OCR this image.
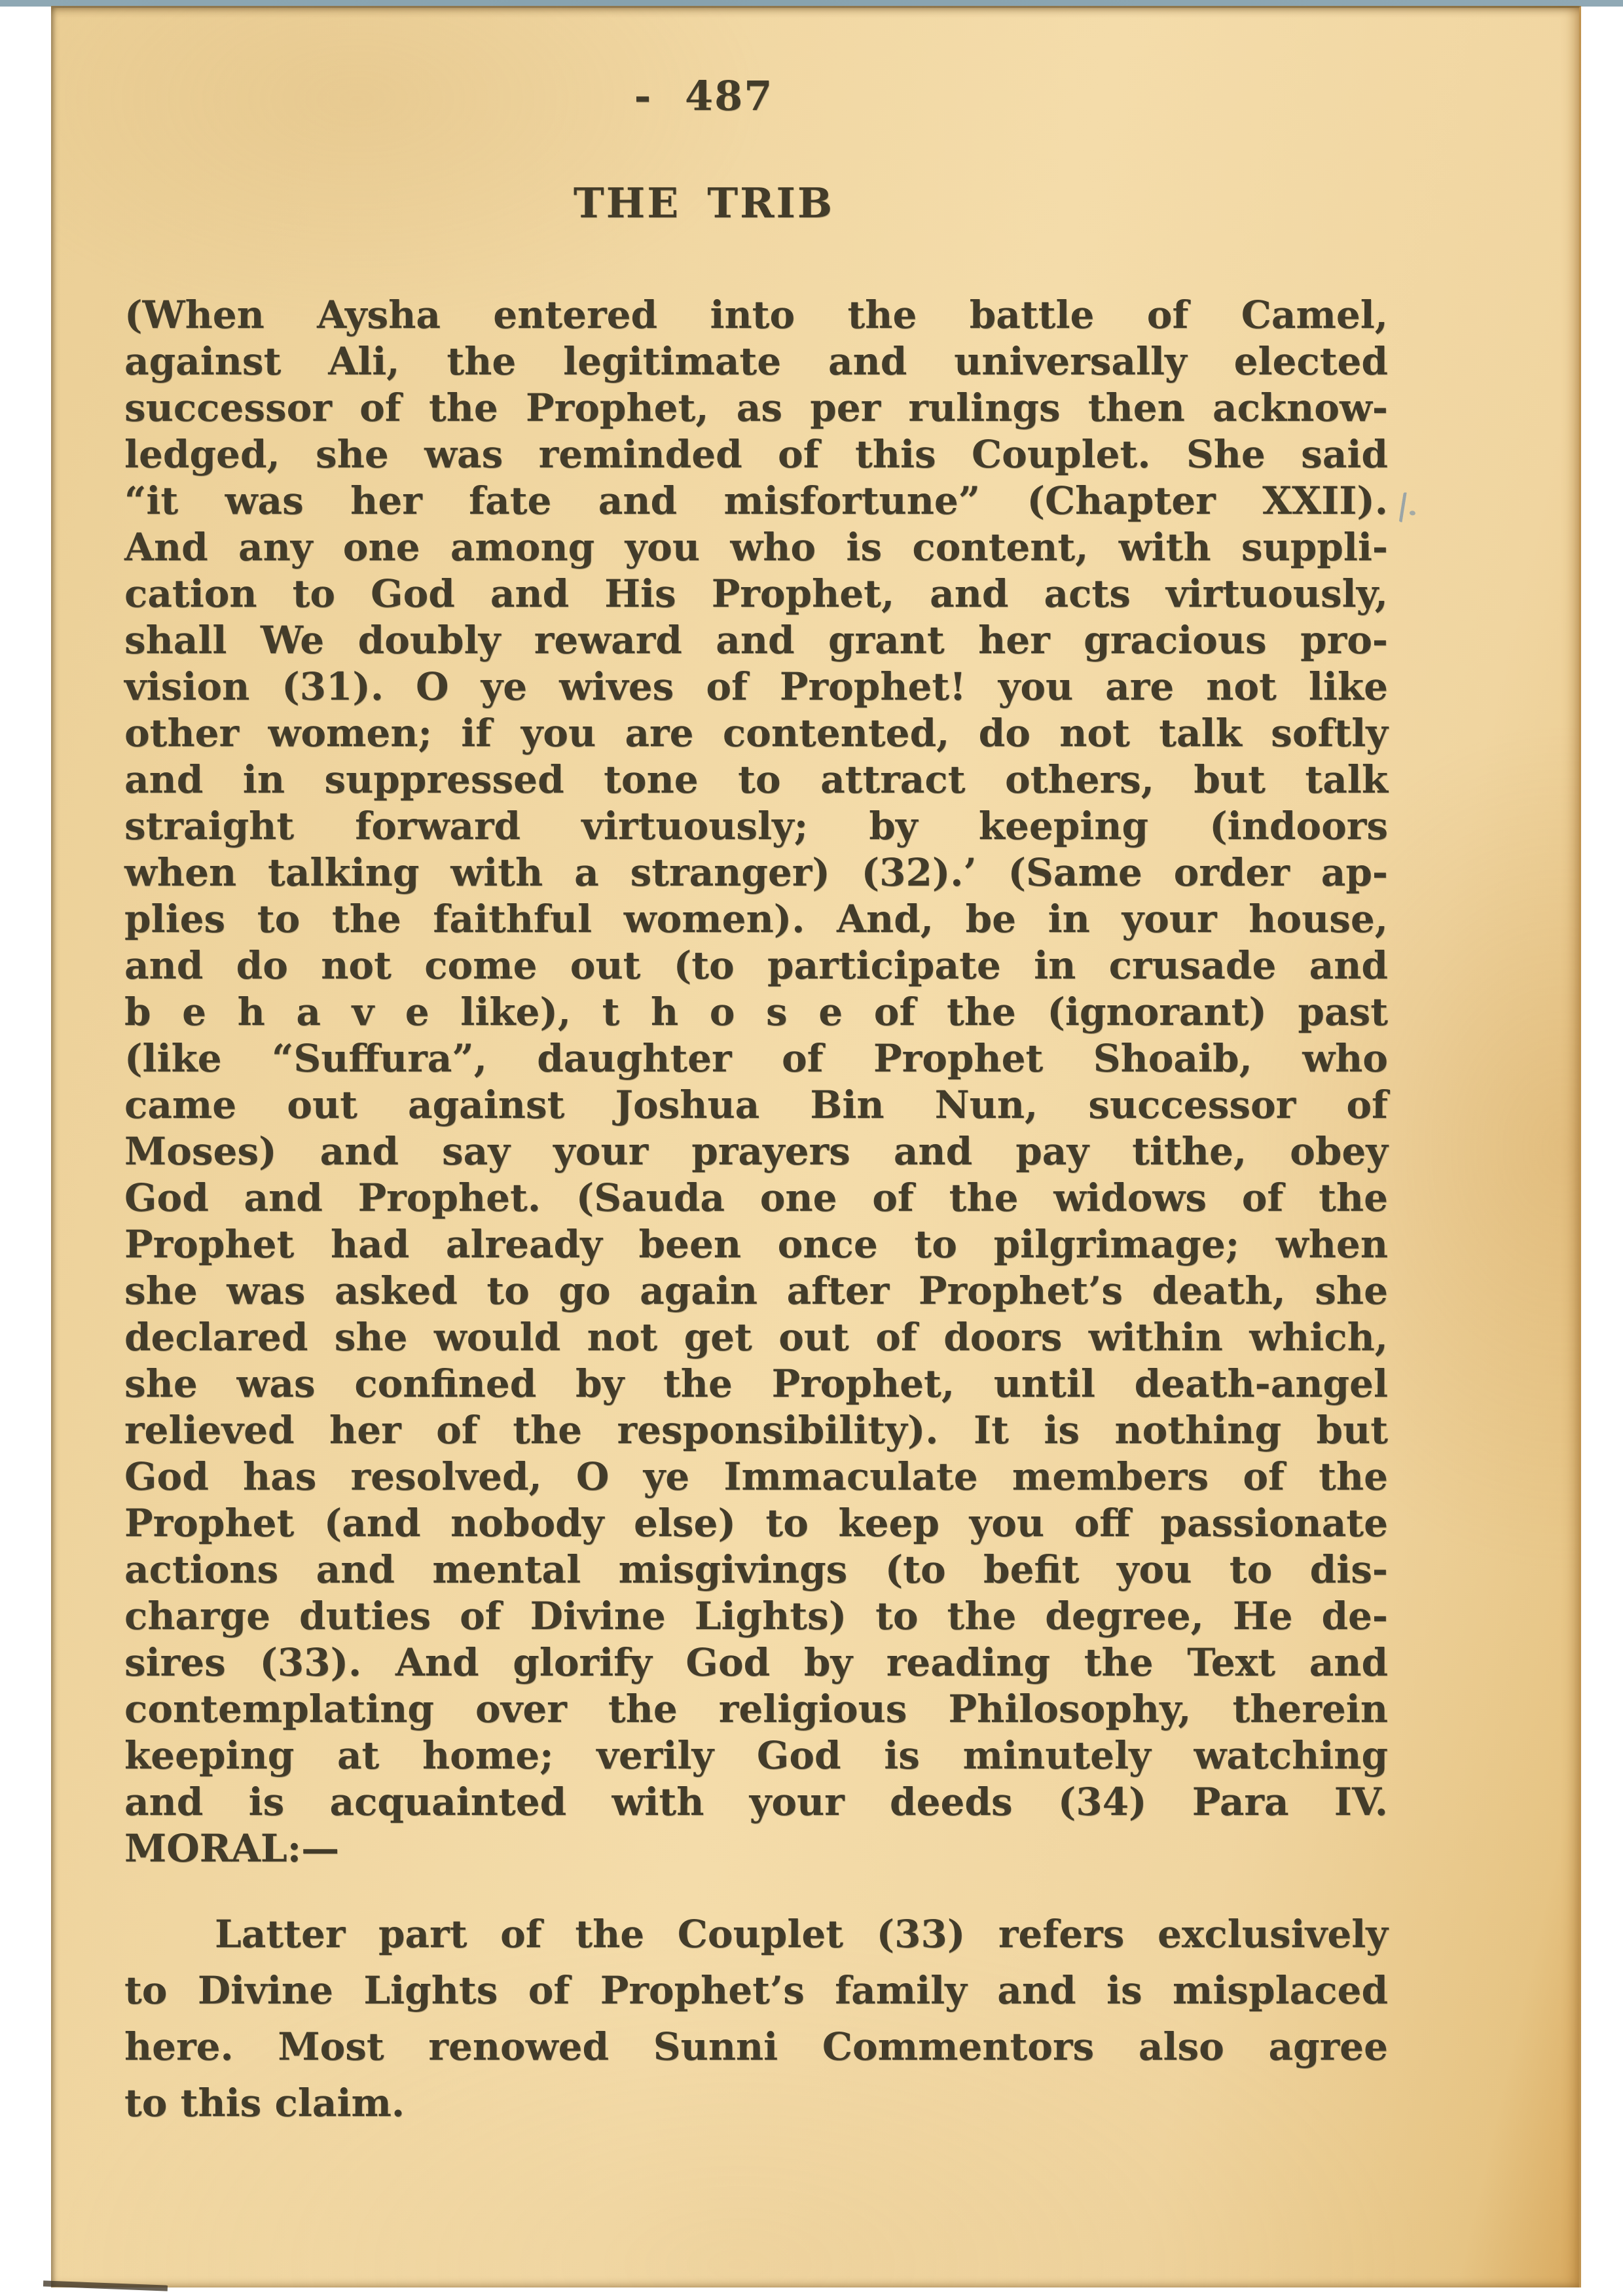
- 487
THE TRIB
(When Aysha entered into the battle of Camel,
against Ali, the legitimate and universally elected
successor of the Prophet, as per rulings then acknow-
ledged, she was reminded of this Couplet. She said
“it was her fate and misfortune” (Chapter XXII).
And any one among you who is content, with suppli-
cation to God and His Prophet, and acts virtuously,
shall We doubly reward and grant her gracious pro-
vision (31). O ye wives of Prophet! you are not like
other women; if you are contented, do not talk softly
and in suppressed tone to attract others, but talk
straight forward virtuously; by keeping (indoors
when talking with a stranger) (32).’ (Same order ap-
plies to the faithful women). And, be in your house,
and do not come out (to participate in crusade and
b e h a v e like), t h o s e of the (ignorant) past
(like “Suffura”, daughter of Prophet Shoaib, who
came out against Joshua Bin Nun, successor of
Moses) and say your prayers and pay tithe, obey
God and Prophet. (Sauda one of the widows of the
Prophet had already been once to pilgrimage; when
she was asked to go again after Prophet’s death, she
declared she would not get out of doors within which,
she was confined by the Prophet, until death-angel
relieved her of the responsibility). It is nothing but
God has resolved, O ye Immaculate members of the
Prophet (and nobody else) to keep you off passionate
actions and mental misgivings (to befit you to dis-
charge duties of Divine Lights) to the degree, He de-
sires (33). And glorify God by reading the Text and
contemplating over the religious Philosophy, therein
keeping at home; verily God is minutely watching
and is acquainted with your deeds (34) Para IV.
MORAL:—
Latter part of the Couplet (33) refers exclusively
to Divine Lights of Prophet’s family and is misplaced
here. Most renowed Sunni Commentors also agree
to this claim.
